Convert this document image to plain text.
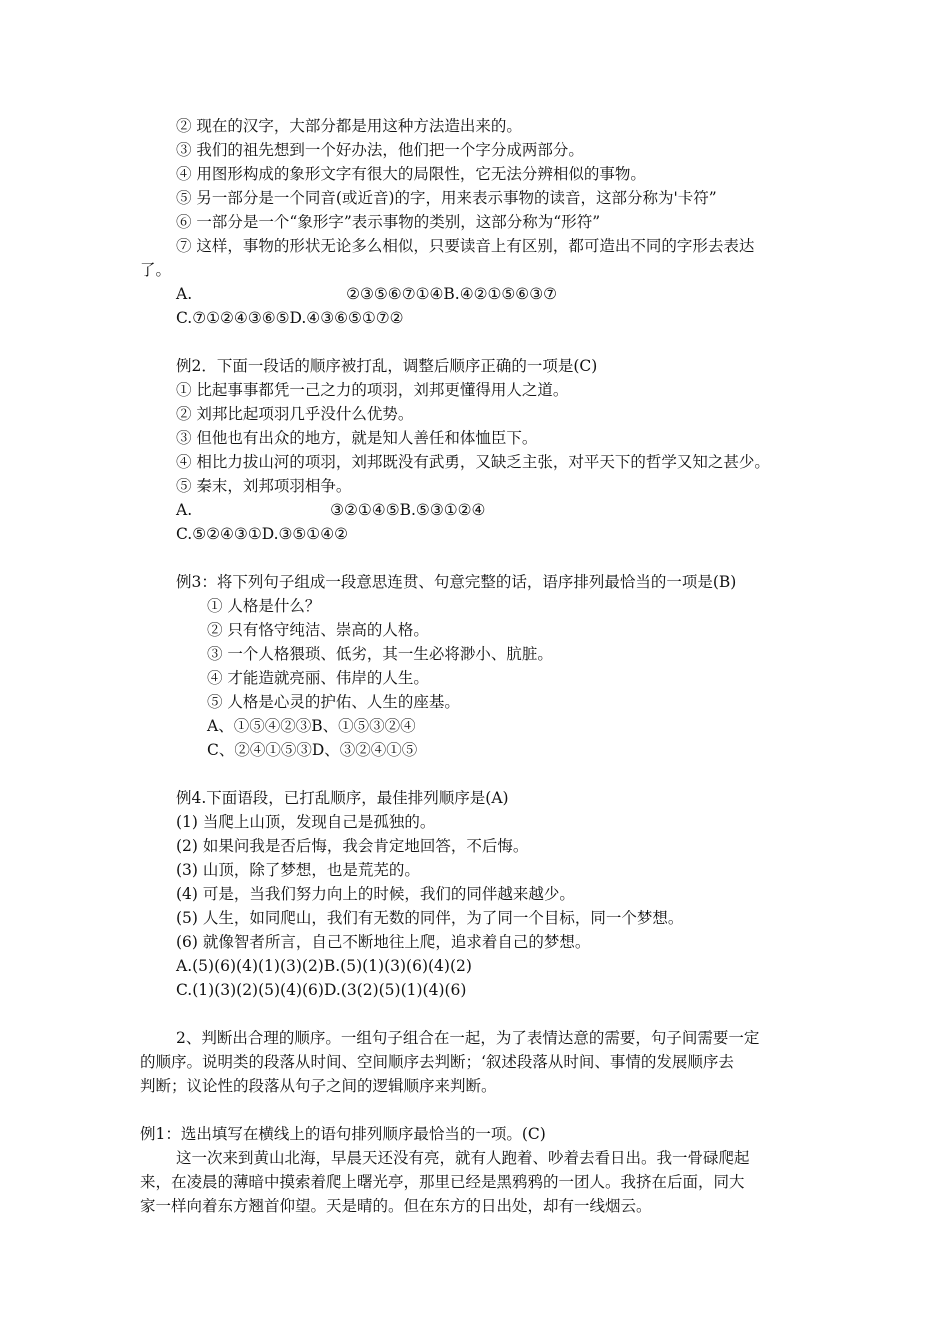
② 现在的汉字，大部分都是用这种方法造出来的。
③ 我们的祖先想到一个好办法，他们把一个字分成两部分。
④ 用图形构成的象形文字有很大的局限性，它无法分辨相似的事物。
⑤ 另一部分是一个同音(或近音)的字，用来表示事物的读音，这部分称为'卡符”
⑥ 一部分是一个“象形字”表示事物的类别，这部分称为“形符”
⑦ 这样，事物的形状无论多么相似，只要读音上有区别，都可造出不同的字形去表达
了。
A.	②③⑤⑥⑦①④B.④②①⑤⑥③⑦
C.⑦①②④③⑥⑤D.④③⑥⑤①⑦②
例2．下面一段话的顺序被打乱，调整后顺序正确的一项是(C)
① 比起事事都凭一己之力的项羽，刘邦更懂得用人之道。
② 刘邦比起项羽几乎没什么优势。
③ 但他也有出众的地方，就是知人善任和体恤臣下。
④ 相比力拔山河的项羽，刘邦既没有武勇，又缺乏主张，对平天下的哲学又知之甚少。
⑤ 秦末，刘邦项羽相争。
A.	③②①④⑤B.⑤③①②④
C.⑤②④③①D.③⑤①④②
例3：将下列句子组成一段意思连贯、句意完整的话，语序排列最恰当的一项是(B)
① 人格是什么？
② 只有恪守纯洁、崇高的人格。
③ 一个人格猥琐、低劣，其一生必将渺小、肮脏。
④ 才能造就亮丽、伟岸的人生。
⑤ 人格是心灵的护佑、人生的座基。
A、①⑤④②③B、①⑤③②④
C、②④①⑤③D、③②④①⑤
例4.下面语段，已打乱顺序，最佳排列顺序是(A)
(1) 当爬上山顶，发现自己是孤独的。
(2) 如果问我是否后悔，我会肯定地回答，不后悔。
(3) 山顶，除了梦想，也是荒芜的。
(4) 可是，当我们努力向上的时候，我们的同伴越来越少。
(5) 人生，如同爬山，我们有无数的同伴，为了同一个目标，同一个梦想。
(6) 就像智者所言，自己不断地往上爬，追求着自己的梦想。
A.(5)(6)(4)(1)(3)(2)B.(5)(1)(3)(6)(4)(2)
C.(1)(3)(2)(5)(4)(6)D.(3(2)(5)(1)(4)(6)
2、判断出合理的顺序。一组句子组合在一起，为了表情达意的需要，句子间需要一定
的顺序。说明类的段落从时间、空间顺序去判断；‘叙述段落从时间、事情的发展顺序去
判断；议论性的段落从句子之间的逻辑顺序来判断。
例1：选出填写在横线上的语句排列顺序最恰当的一项。(C)
这一次来到黄山北海，早晨天还没有亮，就有人跑着、吵着去看日出。我一骨碌爬起
来，在凌晨的薄暗中摸索着爬上曙光亭，那里已经是黑鸦鸦的一团人。我挤在后面，同大
家一样向着东方翘首仰望。天是晴的。但在东方的日出处，却有一线烟云。
